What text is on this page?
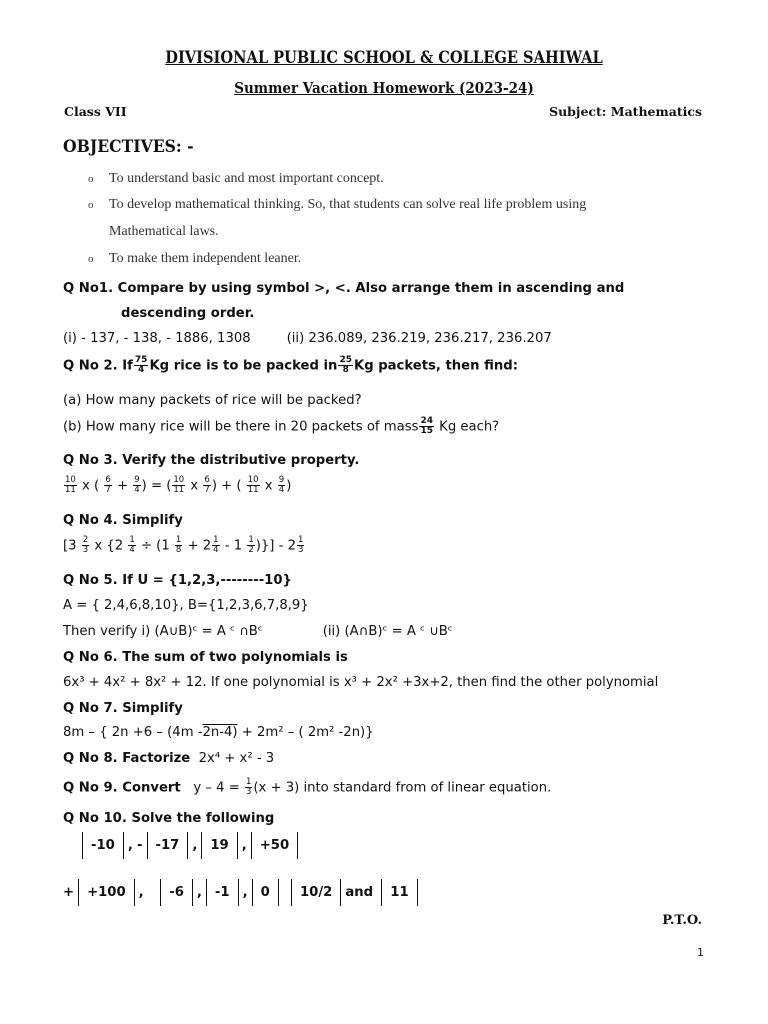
DIVISIONAL PUBLIC SCHOOL & COLLEGE SAHIWAL
Summer Vacation Homework (2023-24)
Class VII	Subject: Mathematics
OBJECTIVES: -
o To understand basic and most important concept.
o To develop mathematical thinking. So, that students can solve real life problem using
Mathematical laws.
o To make them independent leaner.
Q No1. Compare by using symbol >, <. Also arrange them in ascending and
descending order.
(i) - 137, - 138, - 1886, 1308	(ii) 236.089, 236.219, 236.217, 236.207
Q No 2. If $\frac{75}{4}$ Kg rice is to be packed in $\frac{25}{8}$ Kg packets, then find:
(a) How many packets of rice will be packed?
(b) How many rice will be there in 20 packets of mass $\frac{24}{15}$ Kg each?
Q No 3. Verify the distributive property.
$\frac{10}{11}$ x ( $\frac{6}{7} + \frac{9}{4}$ ) = ( $\frac{10}{11}$ x $\frac{6}{7}$ ) + ( $\frac{10}{11}$ x $\frac{9}{4}$ )
Q No 4. Simplify
[$3 \frac{2}{3}$ x {$2 \frac{1}{4} \div (1 \frac{1}{8} + 2 \frac{1}{4} - 1 \frac{1}{2}$ )}] - $2 \frac{1}{3}$
Q No 5. If U = {1,2,3,--------10}
A = { 2,4,6,8,10}, B={1,2,3,6,7,8,9}
Then verify i) (A∪B)ᶜ = A ᶜ ∩Bᶜ	(ii) (A∩B)ᶜ = A ᶜ ∪Bᶜ
Q No 6. The sum of two polynomials is
6x³ + 4x² + 8x² + 12. If one polynomial is x³ + 2x² +3x+2, then find the other polynomial
Q No 7. Simplify
8m – { 2n +6 – (4m -2n-4) + 2m² – ( 2m² -2n)}
Q No 8. Factorize 2x⁴ + x² - 3
Q No 9. Convert $y - 4 = \frac{1}{3} (x + 3)$ into standard from of linear equation.
Q No 10. Solve the following
-10 , - -17 , 19 , +50
+ +100 , -6 , -1 , 0 10/2 and 11
P.T.O.
1
